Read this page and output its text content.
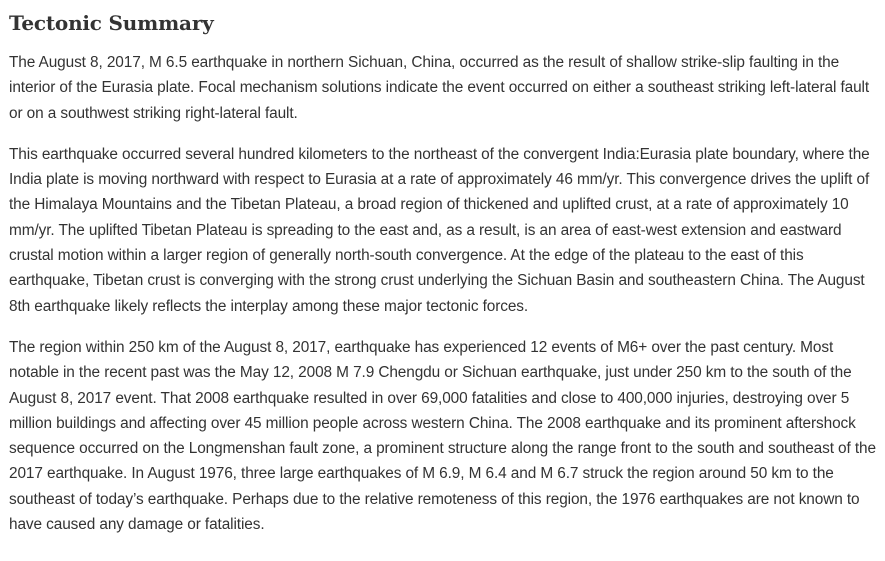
Tectonic Summary

The August 8, 2017, M 6.5 earthquake in northern Sichuan, China, occurred as the result of shallow strike-slip faulting in the interior of the Eurasia plate. Focal mechanism solutions indicate the event occurred on either a southeast striking left-lateral fault or on a southwest striking right-lateral fault.

This earthquake occurred several hundred kilometers to the northeast of the convergent India:Eurasia plate boundary, where the India plate is moving northward with respect to Eurasia at a rate of approximately 46 mm/yr. This convergence drives the uplift of the Himalaya Mountains and the Tibetan Plateau, a broad region of thickened and uplifted crust, at a rate of approximately 10 mm/yr. The uplifted Tibetan Plateau is spreading to the east and, as a result, is an area of east-west extension and eastward crustal motion within a larger region of generally north-south convergence. At the edge of the plateau to the east of this earthquake, Tibetan crust is converging with the strong crust underlying the Sichuan Basin and southeastern China. The August 8th earthquake likely reflects the interplay among these major tectonic forces.

The region within 250 km of the August 8, 2017, earthquake has experienced 12 events of M6+ over the past century. Most notable in the recent past was the May 12, 2008 M 7.9 Chengdu or Sichuan earthquake, just under 250 km to the south of the August 8, 2017 event. That 2008 earthquake resulted in over 69,000 fatalities and close to 400,000 injuries, destroying over 5 million buildings and affecting over 45 million people across western China. The 2008 earthquake and its prominent aftershock sequence occurred on the Longmenshan fault zone, a prominent structure along the range front to the south and southeast of the 2017 earthquake. In August 1976, three large earthquakes of M 6.9, M 6.4 and M 6.7 struck the region around 50 km to the southeast of today’s earthquake. Perhaps due to the relative remoteness of this region, the 1976 earthquakes are not known to have caused any damage or fatalities.
